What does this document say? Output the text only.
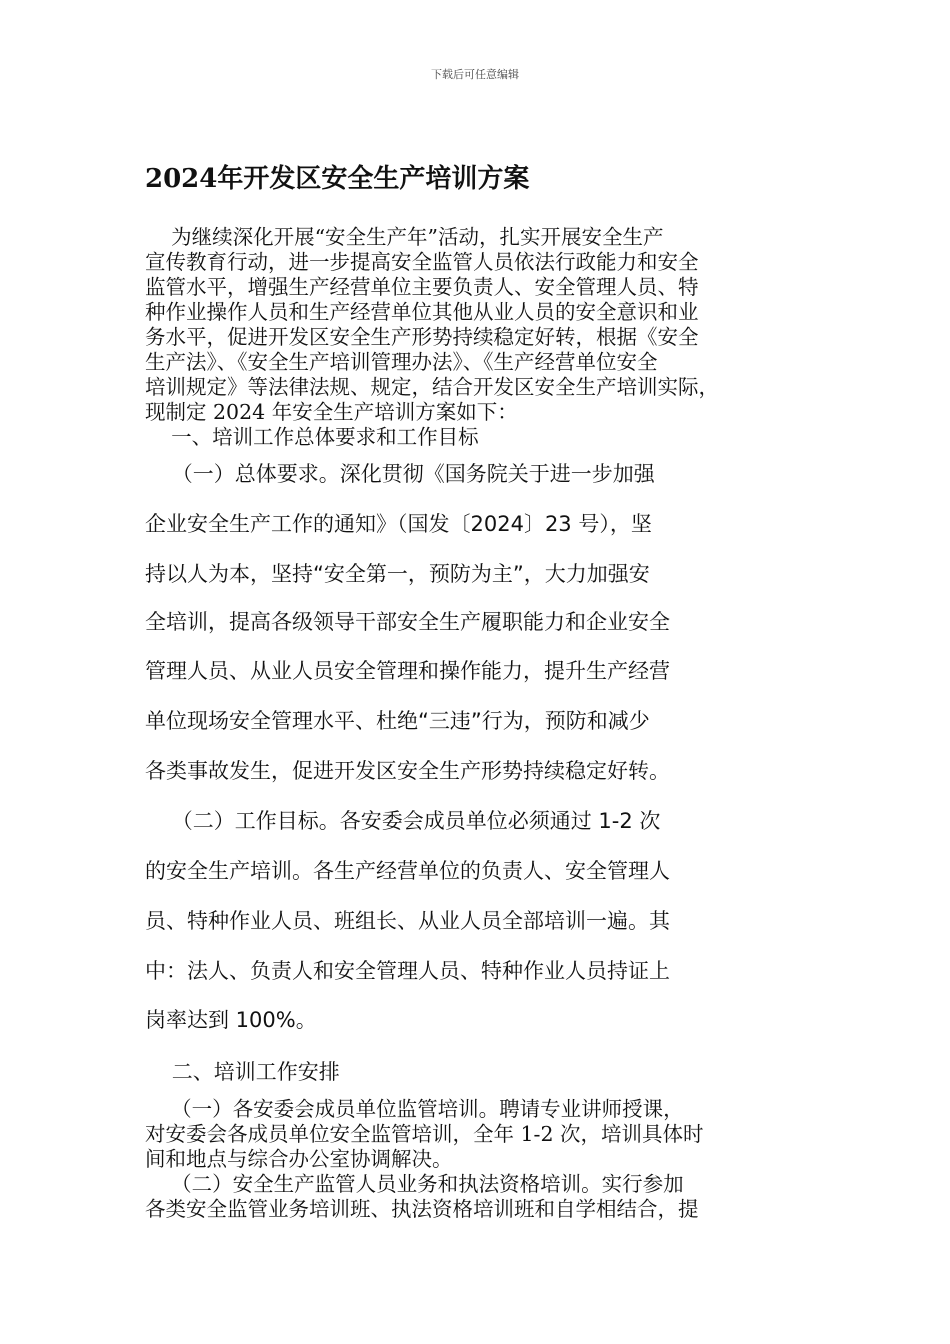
下载后可任意编辑
2024年开发区安全生产培训方案
为继续深化开展“安全生产年”活动，扎实开展安全生产
宣传教育行动，进一步提高安全监管人员依法行政能力和安全
监管水平，增强生产经营单位主要负责人、安全管理人员、特
种作业操作人员和生产经营单位其他从业人员的安全意识和业
务水平，促进开发区安全生产形势持续稳定好转，根据《安全
生产法》、《安全生产培训管理办法》、《生产经营单位安全
培训规定》等法律法规、规定，结合开发区安全生产培训实际，
现制定 2024 年安全生产培训方案如下：
一、培训工作总体要求和工作目标
（一）总体要求。深化贯彻《国务院关于进一步加强
企业安全生产工作的通知》（国发〔2024〕23 号），坚
持以人为本，坚持“安全第一，预防为主”，大力加强安
全培训，提高各级领导干部安全生产履职能力和企业安全
管理人员、从业人员安全管理和操作能力，提升生产经营
单位现场安全管理水平、杜绝“三违”行为，预防和减少
各类事故发生，促进开发区安全生产形势持续稳定好转。
（二）工作目标。各安委会成员单位必须通过 1-2 次
的安全生产培训。各生产经营单位的负责人、安全管理人
员、特种作业人员、班组长、从业人员全部培训一遍。其
中：法人、负责人和安全管理人员、特种作业人员持证上
岗率达到 100%。
二、培训工作安排
（一）各安委会成员单位监管培训。聘请专业讲师授课，
对安委会各成员单位安全监管培训，全年 1-2 次，培训具体时
间和地点与综合办公室协调解决。
（二）安全生产监管人员业务和执法资格培训。实行参加
各类安全监管业务培训班、执法资格培训班和自学相结合，提
